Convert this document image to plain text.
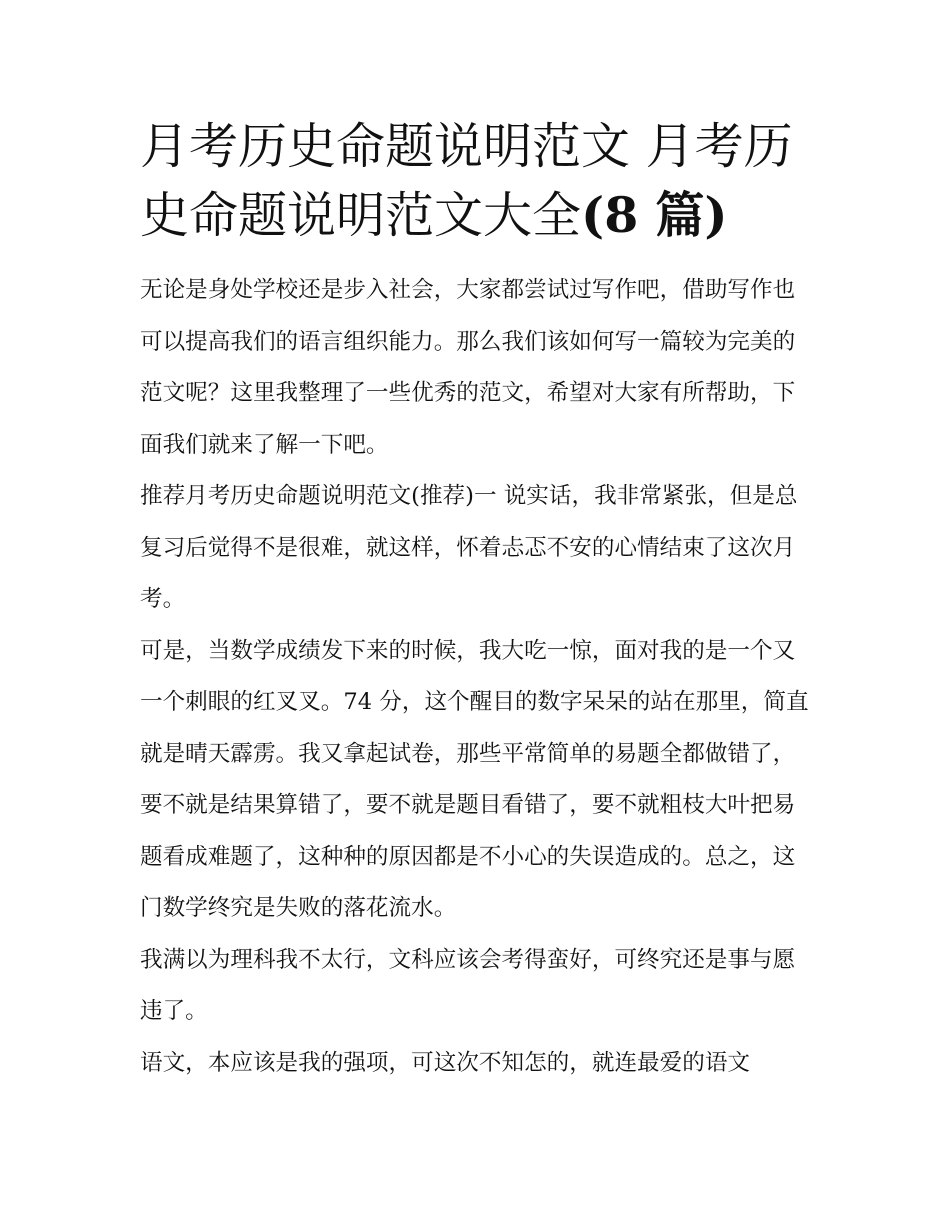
月考历史命题说明范文 月考历史命题说明范文大全(8 篇)

无论是身处学校还是步入社会，大家都尝试过写作吧，借助写作也可以提高我们的语言组织能力。那么我们该如何写一篇较为完美的范文呢？这里我整理了一些优秀的范文，希望对大家有所帮助，下面我们就来了解一下吧。

推荐月考历史命题说明范文(推荐)一 说实话，我非常紧张，但是总复习后觉得不是很难，就这样，怀着忐忑不安的心情结束了这次月考。

可是，当数学成绩发下来的时候，我大吃一惊，面对我的是一个又一个刺眼的红叉叉。74 分，这个醒目的数字呆呆的站在那里，简直就是晴天霹雳。我又拿起试卷，那些平常简单的易题全都做错了，要不就是结果算错了，要不就是题目看错了，要不就粗枝大叶把易题看成难题了，这种种的原因都是不小心的失误造成的。总之，这门数学终究是失败的落花流水。

我满以为理科我不太行，文科应该会考得蛮好，可终究还是事与愿违了。

语文，本应该是我的强项，可这次不知怎的，就连最爱的语文
